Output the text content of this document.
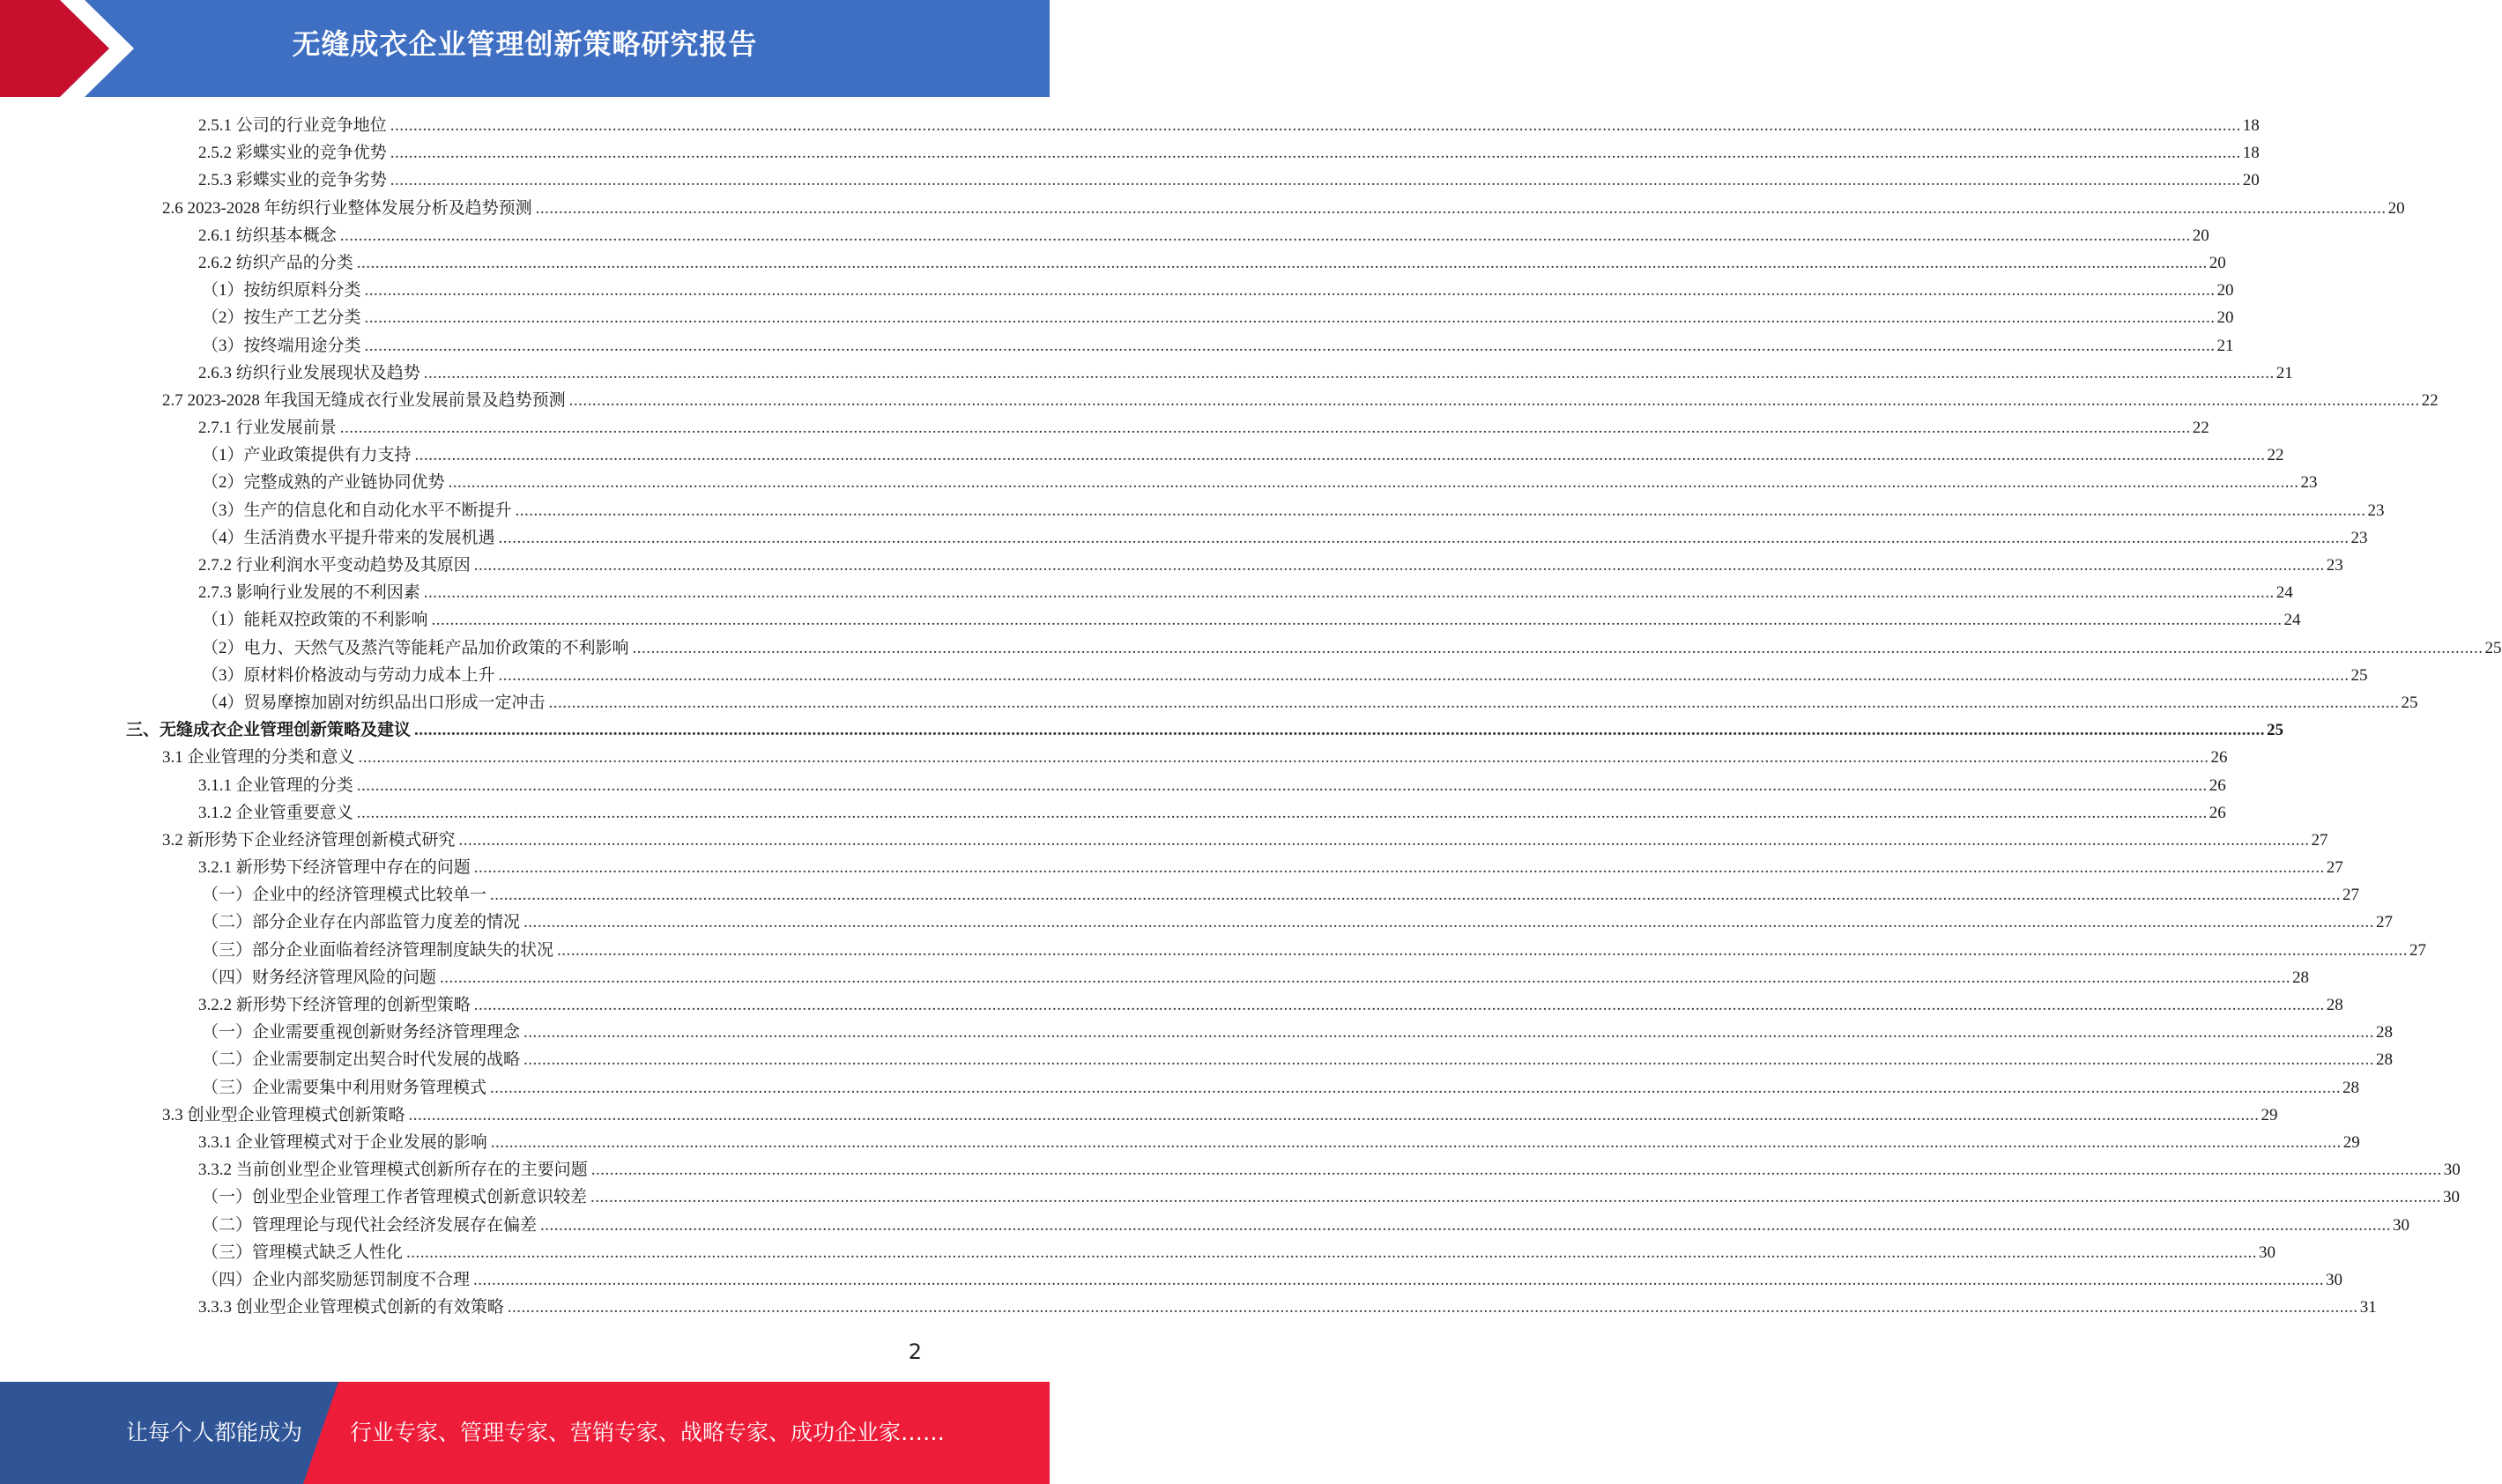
无缝成衣企业管理创新策略研究报告
2.5.1 公司的行业竞争地位 ................................................................................................................................................................................................................................................................................................................................................................................................................ 18
2.5.2 彩蝶实业的竞争优势 ................................................................................................................................................................................................................................................................................................................................................................................................................ 18
2.5.3 彩蝶实业的竞争劣势 ................................................................................................................................................................................................................................................................................................................................................................................................................ 20
2.6 2023-2028 年纺织行业整体发展分析及趋势预测 ................................................................................................................................................................................................................................................................................................................................................................................................................ 20
2.6.1 纺织基本概念 ................................................................................................................................................................................................................................................................................................................................................................................................................ 20
2.6.2 纺织产品的分类 ................................................................................................................................................................................................................................................................................................................................................................................................................ 20
（1）按纺织原料分类 ................................................................................................................................................................................................................................................................................................................................................................................................................ 20
（2）按生产工艺分类 ................................................................................................................................................................................................................................................................................................................................................................................................................ 20
（3）按终端用途分类 ................................................................................................................................................................................................................................................................................................................................................................................................................ 21
2.6.3 纺织行业发展现状及趋势 ................................................................................................................................................................................................................................................................................................................................................................................................................ 21
2.7 2023-2028 年我国无缝成衣行业发展前景及趋势预测 ................................................................................................................................................................................................................................................................................................................................................................................................................ 22
2.7.1 行业发展前景 ................................................................................................................................................................................................................................................................................................................................................................................................................ 22
（1）产业政策提供有力支持 ................................................................................................................................................................................................................................................................................................................................................................................................................ 22
（2）完整成熟的产业链协同优势 ................................................................................................................................................................................................................................................................................................................................................................................................................ 23
（3）生产的信息化和自动化水平不断提升 ................................................................................................................................................................................................................................................................................................................................................................................................................ 23
（4）生活消费水平提升带来的发展机遇 ................................................................................................................................................................................................................................................................................................................................................................................................................ 23
2.7.2 行业利润水平变动趋势及其原因 ................................................................................................................................................................................................................................................................................................................................................................................................................ 23
2.7.3 影响行业发展的不利因素 ................................................................................................................................................................................................................................................................................................................................................................................................................ 24
（1）能耗双控政策的不利影响 ................................................................................................................................................................................................................................................................................................................................................................................................................ 24
（2）电力、天然气及蒸汽等能耗产品加价政策的不利影响 ................................................................................................................................................................................................................................................................................................................................................................................................................ 25
（3）原材料价格波动与劳动力成本上升 ................................................................................................................................................................................................................................................................................................................................................................................................................ 25
（4）贸易摩擦加剧对纺织品出口形成一定冲击 ................................................................................................................................................................................................................................................................................................................................................................................................................ 25
三、无缝成衣企业管理创新策略及建议 ................................................................................................................................................................................................................................................................................................................................................................................................................ 25
3.1 企业管理的分类和意义 ................................................................................................................................................................................................................................................................................................................................................................................................................ 26
3.1.1 企业管理的分类 ................................................................................................................................................................................................................................................................................................................................................................................................................ 26
3.1.2 企业管重要意义 ................................................................................................................................................................................................................................................................................................................................................................................................................ 26
3.2 新形势下企业经济管理创新模式研究 ................................................................................................................................................................................................................................................................................................................................................................................................................ 27
3.2.1 新形势下经济管理中存在的问题 ................................................................................................................................................................................................................................................................................................................................................................................................................ 27
（一）企业中的经济管理模式比较单一 ................................................................................................................................................................................................................................................................................................................................................................................................................ 27
（二）部分企业存在内部监管力度差的情况 ................................................................................................................................................................................................................................................................................................................................................................................................................ 27
（三）部分企业面临着经济管理制度缺失的状况 ................................................................................................................................................................................................................................................................................................................................................................................................................ 27
（四）财务经济管理风险的问题 ................................................................................................................................................................................................................................................................................................................................................................................................................ 28
3.2.2 新形势下经济管理的创新型策略 ................................................................................................................................................................................................................................................................................................................................................................................................................ 28
（一）企业需要重视创新财务经济管理理念 ................................................................................................................................................................................................................................................................................................................................................................................................................ 28
（二）企业需要制定出契合时代发展的战略 ................................................................................................................................................................................................................................................................................................................................................................................................................ 28
（三）企业需要集中利用财务管理模式 ................................................................................................................................................................................................................................................................................................................................................................................................................ 28
3.3 创业型企业管理模式创新策略 ................................................................................................................................................................................................................................................................................................................................................................................................................ 29
3.3.1 企业管理模式对于企业发展的影响 ................................................................................................................................................................................................................................................................................................................................................................................................................ 29
3.3.2 当前创业型企业管理模式创新所存在的主要问题 ................................................................................................................................................................................................................................................................................................................................................................................................................ 30
（一）创业型企业管理工作者管理模式创新意识较差 ................................................................................................................................................................................................................................................................................................................................................................................................................ 30
（二）管理理论与现代社会经济发展存在偏差 ................................................................................................................................................................................................................................................................................................................................................................................................................ 30
（三）管理模式缺乏人性化 ................................................................................................................................................................................................................................................................................................................................................................................................................ 30
（四）企业内部奖励惩罚制度不合理 ................................................................................................................................................................................................................................................................................................................................................................................................................ 30
3.3.3 创业型企业管理模式创新的有效策略 ................................................................................................................................................................................................................................................................................................................................................................................................................ 31
2
让每个人都能成为 行业专家、管理专家、营销专家、战略专家、成功企业家……
